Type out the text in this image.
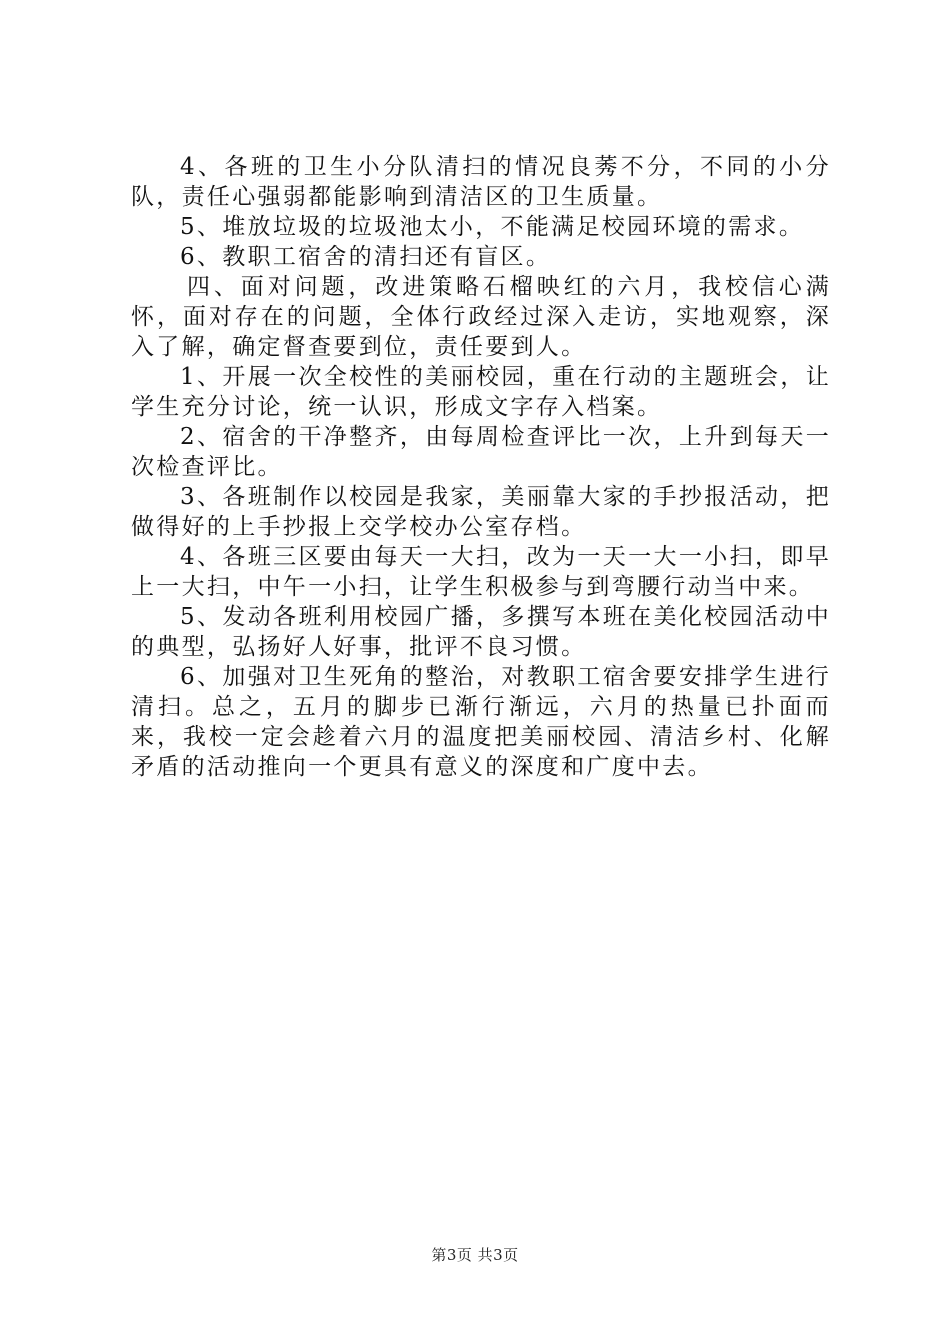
4、各班的卫生小分队清扫的情况良莠不分，不同的小分队，责任心强弱都能影响到清洁区的卫生质量。

5、堆放垃圾的垃圾池太小，不能满足校园环境的需求。

6、教职工宿舍的清扫还有盲区。

四、面对问题，改进策略石榴映红的六月，我校信心满怀，面对存在的问题，全体行政经过深入走访，实地观察，深入了解，确定督查要到位，责任要到人。

1、开展一次全校性的美丽校园，重在行动的主题班会，让学生充分讨论，统一认识，形成文字存入档案。

2、宿舍的干净整齐，由每周检查评比一次，上升到每天一次检查评比。

3、各班制作以校园是我家，美丽靠大家的手抄报活动，把做得好的上手抄报上交学校办公室存档。

4、各班三区要由每天一大扫，改为一天一大一小扫，即早上一大扫，中午一小扫，让学生积极参与到弯腰行动当中来。

5、发动各班利用校园广播，多撰写本班在美化校园活动中的典型，弘扬好人好事，批评不良习惯。

6、加强对卫生死角的整治，对教职工宿舍要安排学生进行清扫。总之，五月的脚步已渐行渐远，六月的热量已扑面而来，我校一定会趁着六月的温度把美丽校园、清洁乡村、化解矛盾的活动推向一个更具有意义的深度和广度中去。

第3页 共3页
